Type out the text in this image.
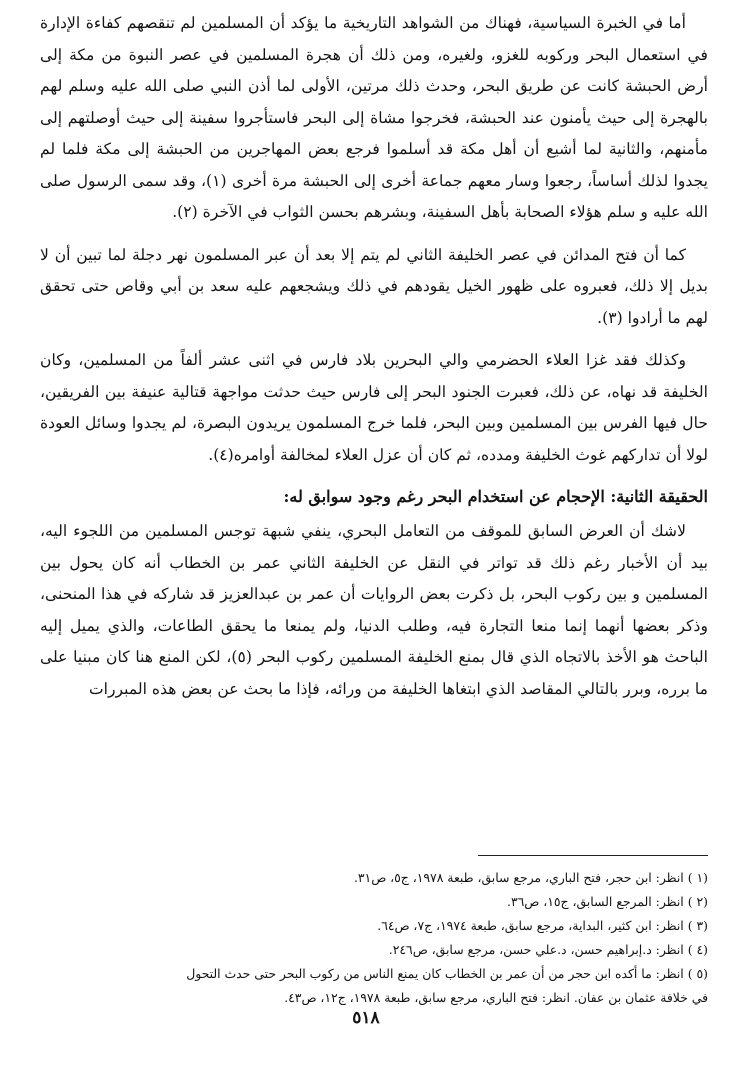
أما في الخبرة السياسية، فهناك من الشواهد التاريخية ما يؤكد أن المسلمين لم تنقصهم كفاءة الإدارة في استعمال البحر وركوبه للغزو، ولغيره، ومن ذلك أن هجرة المسلمين في عصر النبوة من مكة إلى أرض الحبشة كانت عن طريق البحر، وحدث ذلك مرتين، الأولى لما أذن النبي صلى الله عليه وسلم لهم بالهجرة إلى حيث يأمنون عند الحبشة، فخرجوا مشاة إلى البحر فاستأجروا سفينة إلى حيث أوصلتهم إلى مأمنهم، والثانية لما أشيع أن أهل مكة قد أسلموا فرجع بعض المهاجرين من الحبشة إلى مكة فلما لم يجدوا لذلك أساساً، رجعوا وسار معهم جماعة أخرى إلى الحبشة مرة أخرى (١)، وقد سمى الرسول صلى الله عليه و سلم هؤلاء الصحابة بأهل السفينة، وبشرهم بحسن الثواب في الآخرة (٢).

كما أن فتح المدائن في عصر الخليفة الثاني لم يتم إلا بعد أن عبر المسلمون نهر دجلة لما تبين أن لا بديل إلا ذلك، فعبروه على ظهور الخيل يقودهم في ذلك ويشجعهم عليه سعد بن أبي وقاص حتى تحقق لهم ما أرادوا (٣).

وكذلك فقد غزا العلاء الحضرمي والي البحرين بلاد فارس في اثنى عشر ألفاً من المسلمين، وكان الخليفة قد نهاه، عن ذلك، فعبرت الجنود البحر إلى فارس حيث حدثت مواجهة قتالية عنيفة بين الفريقين، حال فيها الفرس بين المسلمين وبين البحر، فلما خرج المسلمون يريدون البصرة، لم يجدوا وسائل العودة لولا أن تداركهم غوث الخليفة ومدده، ثم كان أن عزل العلاء لمخالفة أوامره(٤).

الحقيقة الثانية: الإحجام عن استخدام البحر رغم وجود سوابق له:

لاشك أن العرض السابق للموقف من التعامل البحري، ينفي شبهة توجس المسلمين من اللجوء اليه، بيد أن الأخبار رغم ذلك قد تواتر في النقل عن الخليفة الثاني عمر بن الخطاب أنه كان يحول بين المسلمين و بين ركوب البحر، بل ذكرت بعض الروايات أن عمر بن عبدالعزيز قد شاركه في هذا المنحنى، وذكر بعضها أنهما إنما منعا التجارة فيه، وطلب الدنيا، ولم يمنعا ما يحقق الطاعات، والذي يميل إليه الباحث هو الأخذ بالاتجاه الذي قال بمنع الخليفة المسلمين ركوب البحر (٥)، لكن المنع هنا كان مبنيا على ما برره، وبرر بالتالي المقاصد الذي ابتغاها الخليفة من ورائه، فإذا ما بحث عن بعض هذه المبررات

(١ )انظر: ابن حجر، فتح الباري، مرجع سابق، طبعة ١٩٧٨، ج٥، ص٣١.

(٢ )انظر: المرجع السابق، ج١٥، ص٣٦.

(٣ )انظر: ابن كثير، البداية، مرجع سابق، طبعة ١٩٧٤، ج٧، ص٦٤.

(٤ )انظر: د.إبراهيم حسن، د.علي حسن، مرجع سابق، ص٢٤٦.

(٥ )انظر: ما أكده ابن حجر من أن عمر بن الخطاب كان يمنع الناس من ركوب البحر حتى حدث التحول

في خلافة عثمان بن عفان. انظر: فتح الباري، مرجع سابق، طبعة ١٩٧٨، ج١٢، ص٤٣.

٥١٨
